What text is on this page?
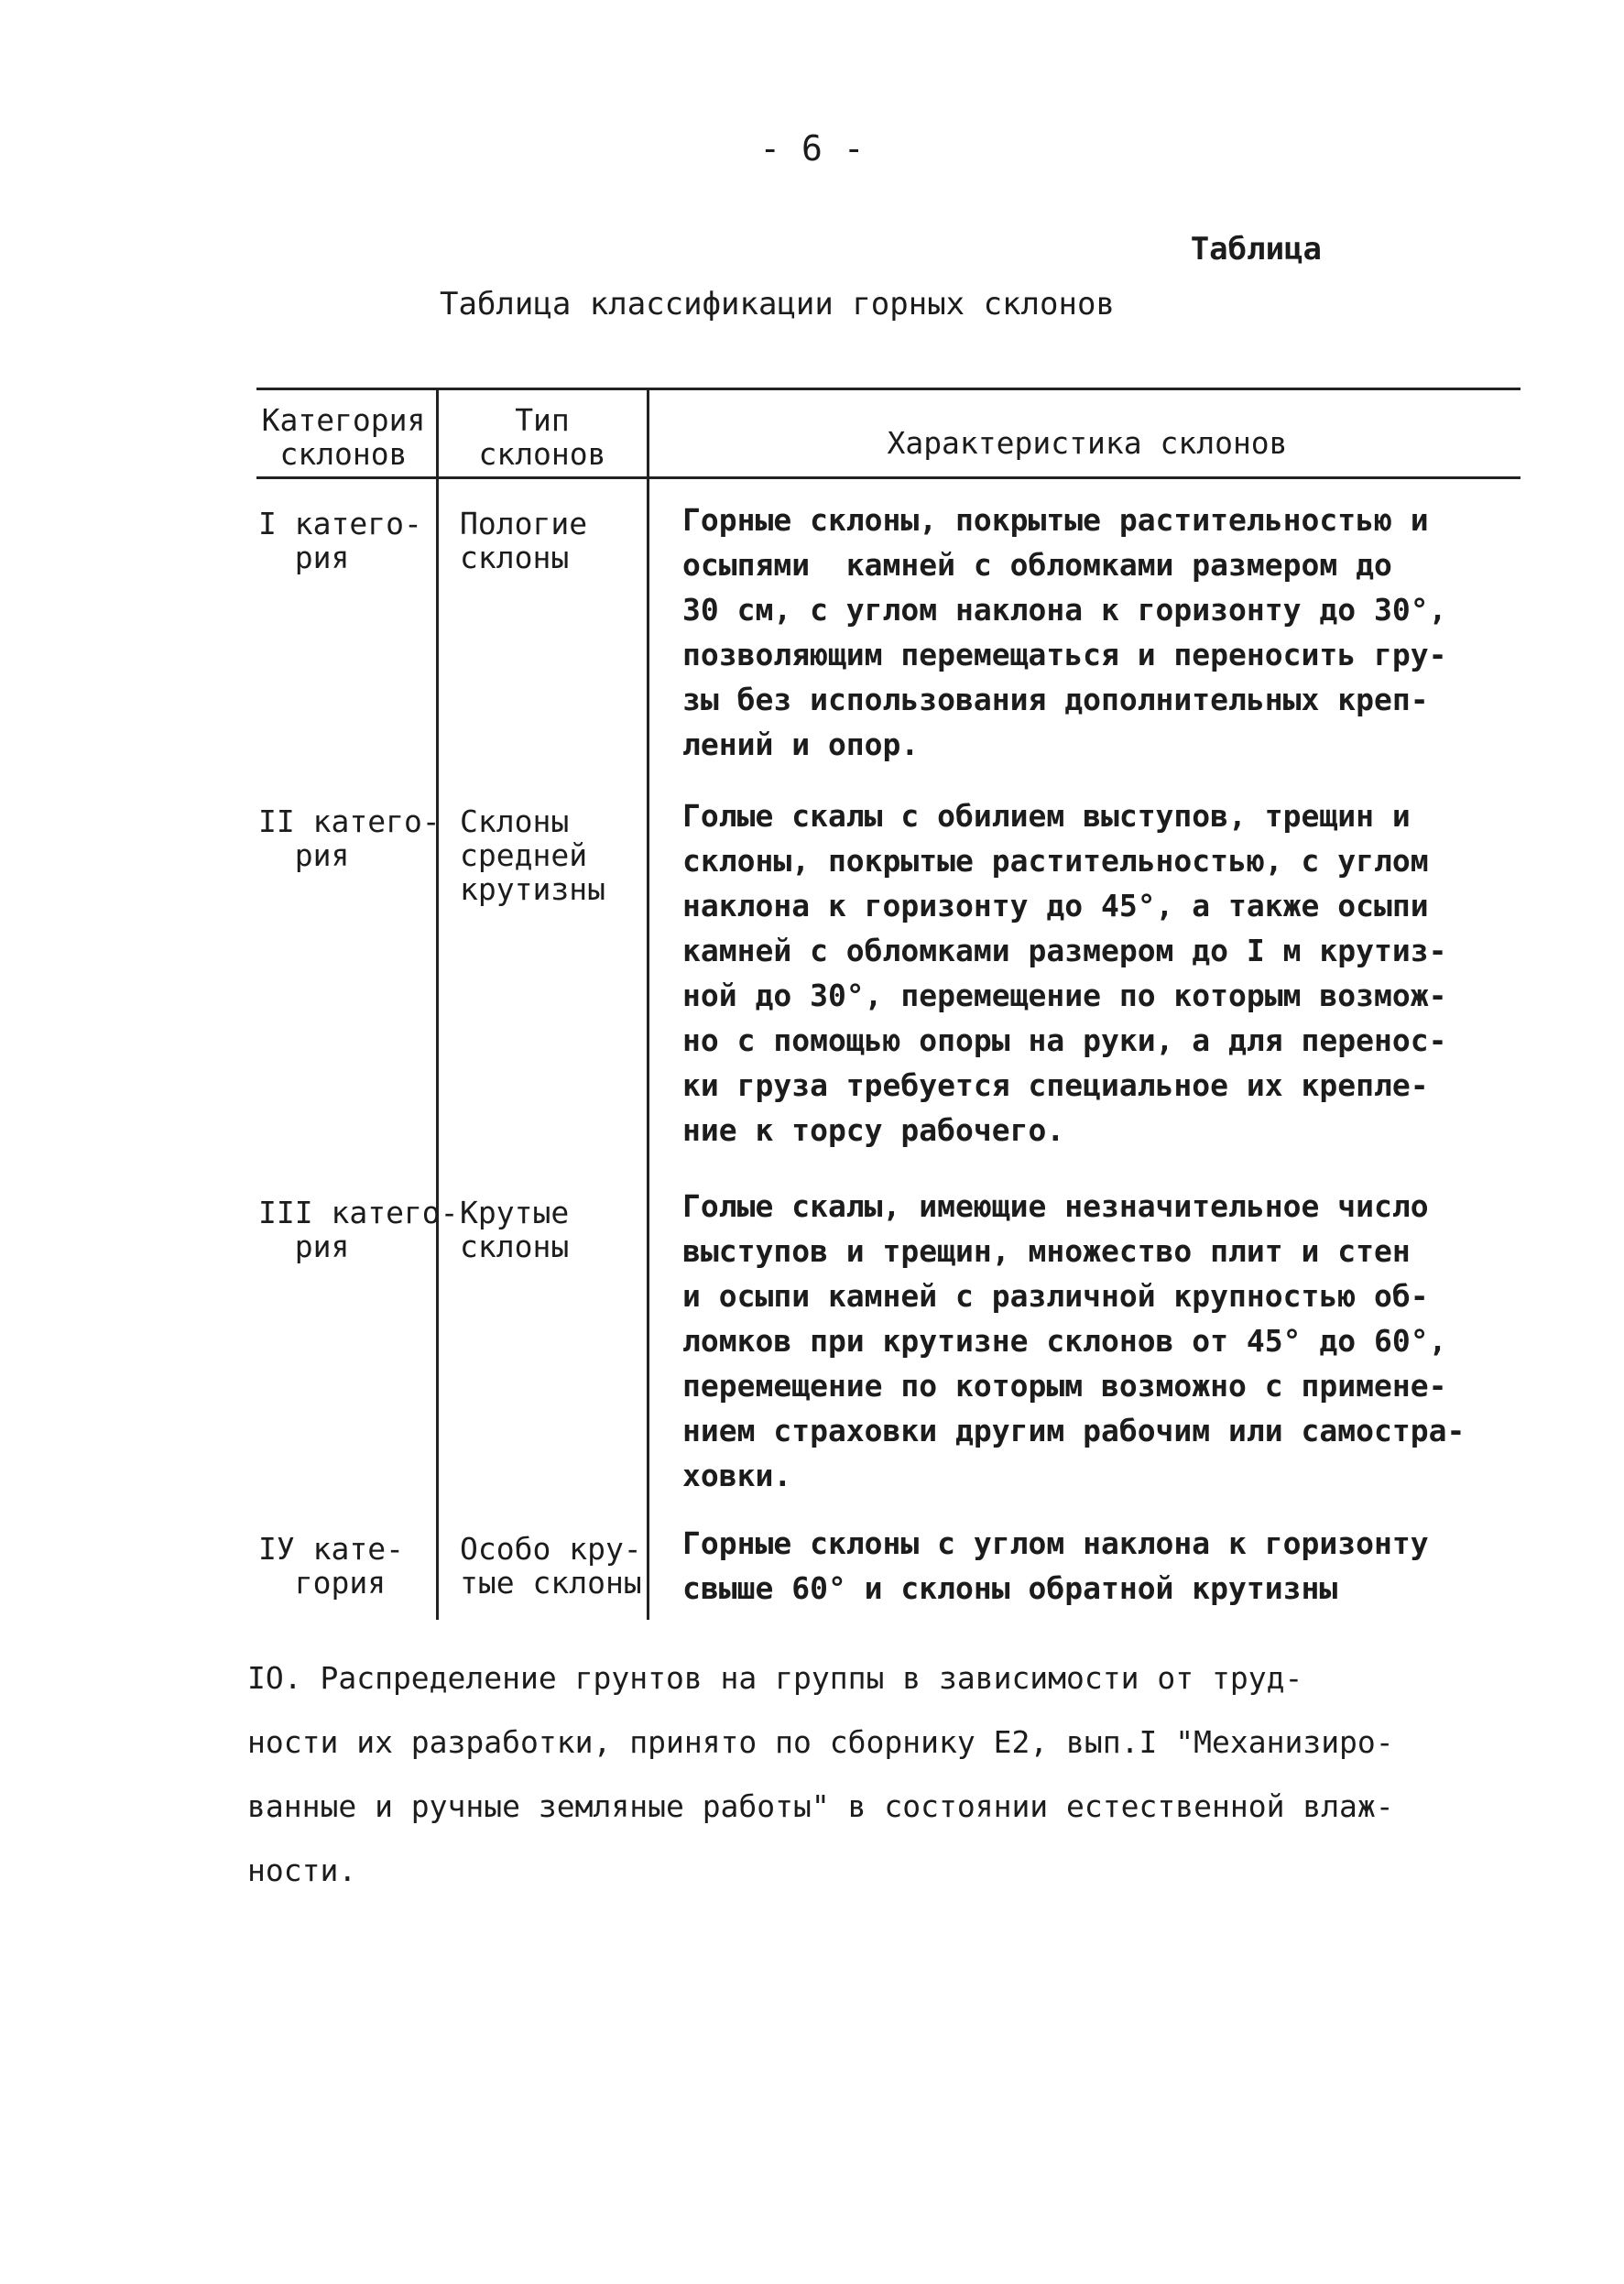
- 6 -
Таблица
Таблица классификации горных склонов
Категория
склонов
Тип
склонов	Характеристика склонов
I катего-
рия
Пологие
склоны
Горные склоны, покрытые растительностью и
осыпями  камней с обломками размером до
30 см, с углом наклона к горизонту до 30°,
позволяющим перемещаться и переносить гру-
зы без использования дополнительных креп-
лений и опор.
II катего-
рия
Склоны
средней
крутизны
Голые скалы с обилием выступов, трещин и
склоны, покрытые растительностью, с углом
наклона к горизонту до 45°, а также осыпи
камней с обломками размером до I м крутиз-
ной до 30°, перемещение по которым возмож-
но с помощью опоры на руки, а для перенос-
ки груза требуется специальное их крепле-
ние к торсу рабочего.
III катего-
рия
Крутые
склоны
Голые скалы, имеющие незначительное число
выступов и трещин, множество плит и стен
и осыпи камней с различной крупностью об-
ломков при крутизне склонов от 45° до 60°,
перемещение по которым возможно с примене-
нием страховки другим рабочим или самостра-
ховки.
IУ кате-
гория
Особо кру-
тые склоны
Горные склоны с углом наклона к горизонту
свыше 60° и склоны обратной крутизны
IO. Распределение грунтов на группы в зависимости от труд-
ности их разработки, принято по сборнику Е2, вып.I "Механизиро-
ванные и ручные земляные работы" в состоянии естественной влаж-
ности.
